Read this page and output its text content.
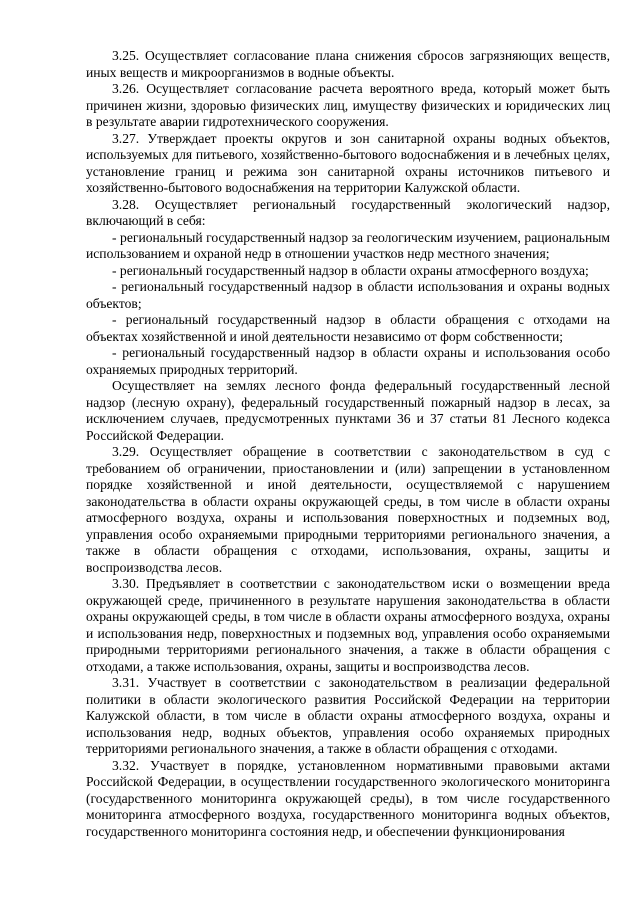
3.25. Осуществляет согласование плана снижения сбросов загрязняющих веществ, иных веществ и микроорганизмов в водные объекты.

3.26. Осуществляет согласование расчета вероятного вреда, который может быть причинен жизни, здоровью физических лиц, имуществу физических и юридических лиц в результате аварии гидротехнического сооружения.

3.27. Утверждает проекты округов и зон санитарной охраны водных объектов, используемых для питьевого, хозяйственно-бытового водоснабжения и в лечебных целях, установление границ и режима зон санитарной охраны источников питьевого и хозяйственно-бытового водоснабжения на территории Калужской области.

3.28. Осуществляет региональный государственный экологический надзор, включающий в себя:

- региональный государственный надзор за геологическим изучением, рациональным использованием и охраной недр в отношении участков недр местного значения;

- региональный государственный надзор в области охраны атмосферного воздуха;

- региональный государственный надзор в области использования и охраны водных объектов;

- региональный государственный надзор в области обращения с отходами на объектах хозяйственной и иной деятельности независимо от форм собственности;

- региональный государственный надзор в области охраны и использования особо охраняемых природных территорий.

Осуществляет на землях лесного фонда федеральный государственный лесной надзор (лесную охрану), федеральный государственный пожарный надзор в лесах, за исключением случаев, предусмотренных пунктами 36 и 37 статьи 81 Лесного кодекса Российской Федерации.

3.29. Осуществляет обращение в соответствии с законодательством в суд с требованием об ограничении, приостановлении и (или) запрещении в установленном порядке хозяйственной и иной деятельности, осуществляемой с нарушением законодательства в области охраны окружающей среды, в том числе в области охраны атмосферного воздуха, охраны и использования поверхностных и подземных вод, управления особо охраняемыми природными территориями регионального значения, а также в области обращения с отходами, использования, охраны, защиты и воспроизводства лесов.

3.30. Предъявляет в соответствии с законодательством иски о возмещении вреда окружающей среде, причиненного в результате нарушения законодательства в области охраны окружающей среды, в том числе в области охраны атмосферного воздуха, охраны и использования недр, поверхностных и подземных вод, управления особо охраняемыми природными территориями регионального значения, а также в области обращения с отходами, а также использования, охраны, защиты и воспроизводства лесов.

3.31. Участвует в соответствии с законодательством в реализации федеральной политики в области экологического развития Российской Федерации на территории Калужской области, в том числе в области охраны атмосферного воздуха, охраны и использования недр, водных объектов, управления особо охраняемых природных территориями регионального значения, а также в области обращения с отходами.

3.32. Участвует в порядке, установленном нормативными правовыми актами Российской Федерации, в осуществлении государственного экологического мониторинга (государственного мониторинга окружающей среды), в том числе государственного мониторинга атмосферного воздуха, государственного мониторинга водных объектов, государственного мониторинга состояния недр, и обеспечении функционирования
